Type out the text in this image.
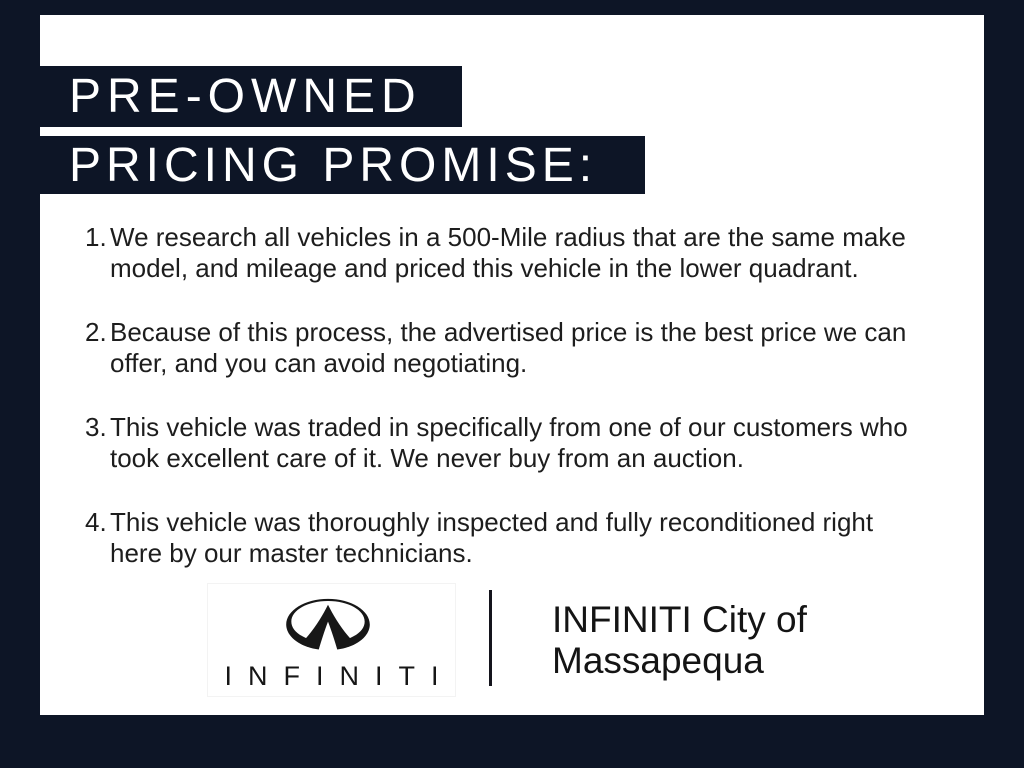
PRE-OWNED
PRICING PROMISE:
1. We research all vehicles in a 500-Mile radius that are the same make
model, and mileage and priced this vehicle in the lower quadrant.
2. Because of this process, the advertised price is the best price we can
offer, and you can avoid negotiating.
3. This vehicle was traded in specifically from one of our customers who
took excellent care of it. We never buy from an auction.
4. This vehicle was thoroughly inspected and fully reconditioned right
here by our master technicians.
INFINITI
INFINITI City of
Massapequa
